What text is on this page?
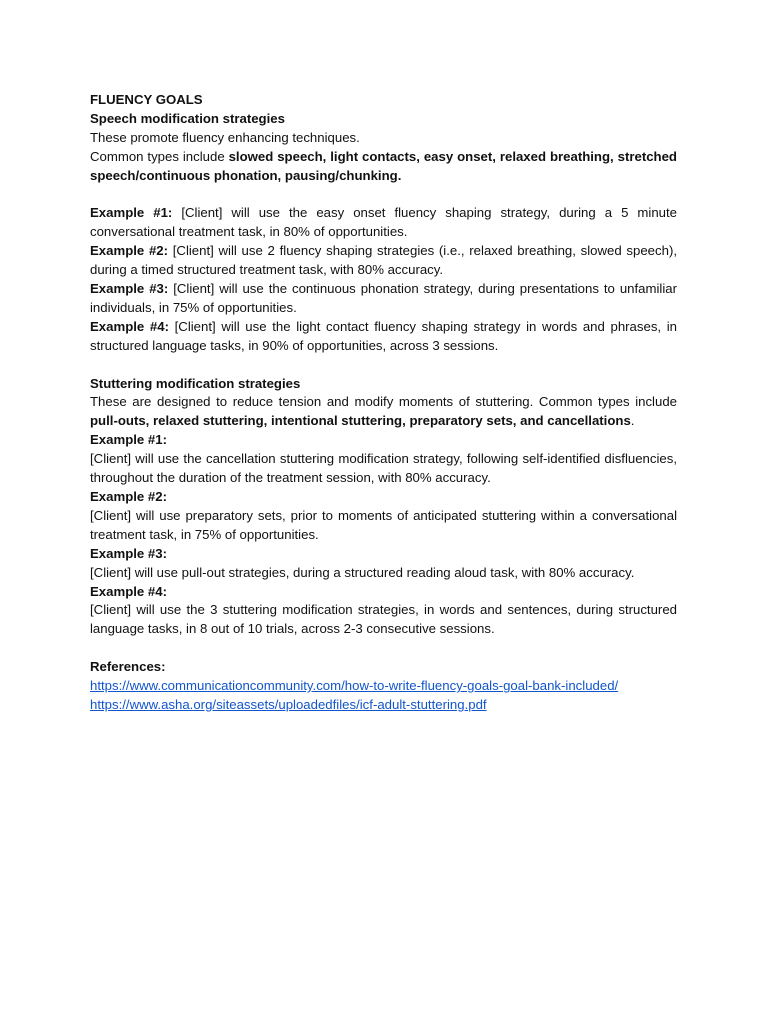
FLUENCY GOALS

Speech modification strategies

These promote fluency enhancing techniques.

Common types include slowed speech, light contacts, easy onset, relaxed breathing, stretched speech/continuous phonation, pausing/chunking.

Example #1: [Client] will use the easy onset fluency shaping strategy, during a 5 minute conversational treatment task, in 80% of opportunities.

Example #2: [Client] will use 2 fluency shaping strategies (i.e., relaxed breathing, slowed speech), during a timed structured treatment task, with 80% accuracy.

Example #3: [Client] will use the continuous phonation strategy, during presentations to unfamiliar individuals, in 75% of opportunities.

Example #4: [Client] will use the light contact fluency shaping strategy in words and phrases, in structured language tasks, in 90% of opportunities, across 3 sessions.

Stuttering modification strategies

These are designed to reduce tension and modify moments of stuttering. Common types include pull-outs, relaxed stuttering, intentional stuttering, preparatory sets, and cancellations.

Example #1:

[Client] will use the cancellation stuttering modification strategy, following self-identified disfluencies, throughout the duration of the treatment session, with 80% accuracy.

Example #2:

[Client] will use preparatory sets, prior to moments of anticipated stuttering within a conversational treatment task, in 75% of opportunities.

Example #3:

[Client] will use pull-out strategies, during a structured reading aloud task, with 80% accuracy.

Example #4:

[Client] will use the 3 stuttering modification strategies, in words and sentences, during structured language tasks, in 8 out of 10 trials, across 2-3 consecutive sessions.

References:

https://www.communicationcommunity.com/how-to-write-fluency-goals-goal-bank-included/

https://www.asha.org/siteassets/uploadedfiles/icf-adult-stuttering.pdf
